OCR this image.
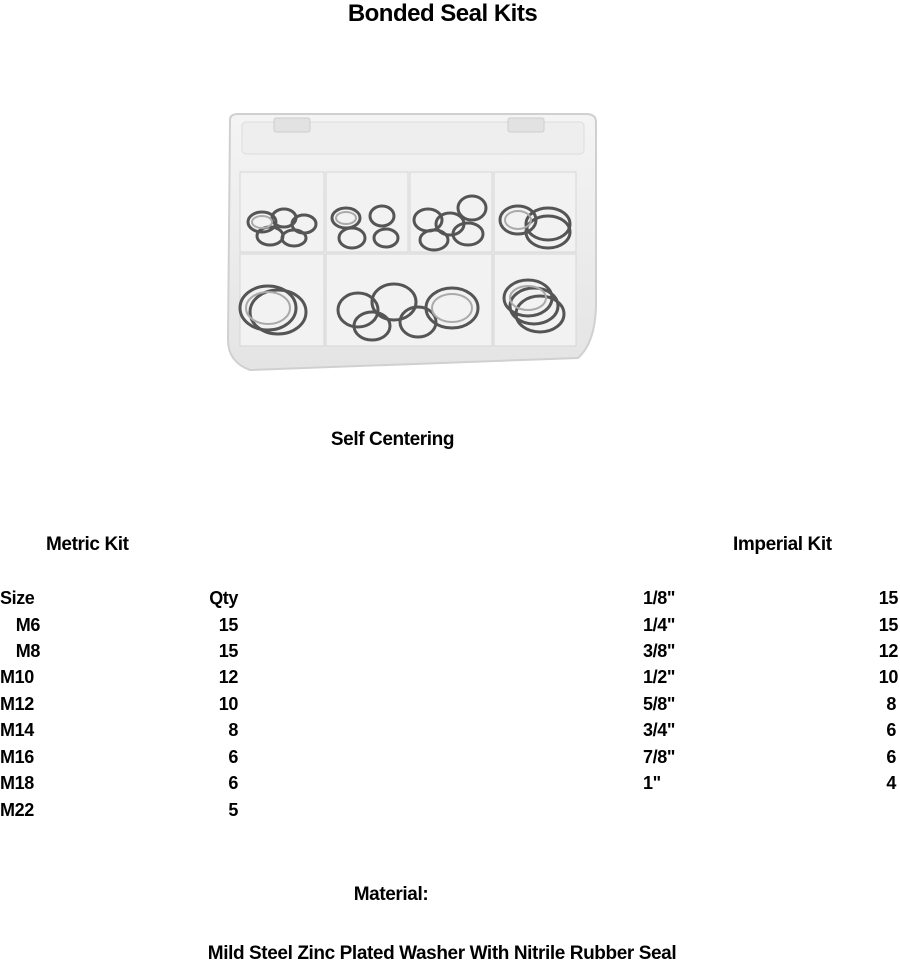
Bonded Seal Kits
Self Centering
Metric Kit	Imperial Kit
Size	Qty
M6	15
M8	15
M10	12
M12	10
M14	8
M16	6
M18	6
M22	5
1/8"	15
1/4"	15
3/8"	12
1/2"	10
5/8"	8
3/4"	6
7/8"	6
1"	4
Material:
Mild Steel Zinc Plated Washer With Nitrile Rubber Seal
